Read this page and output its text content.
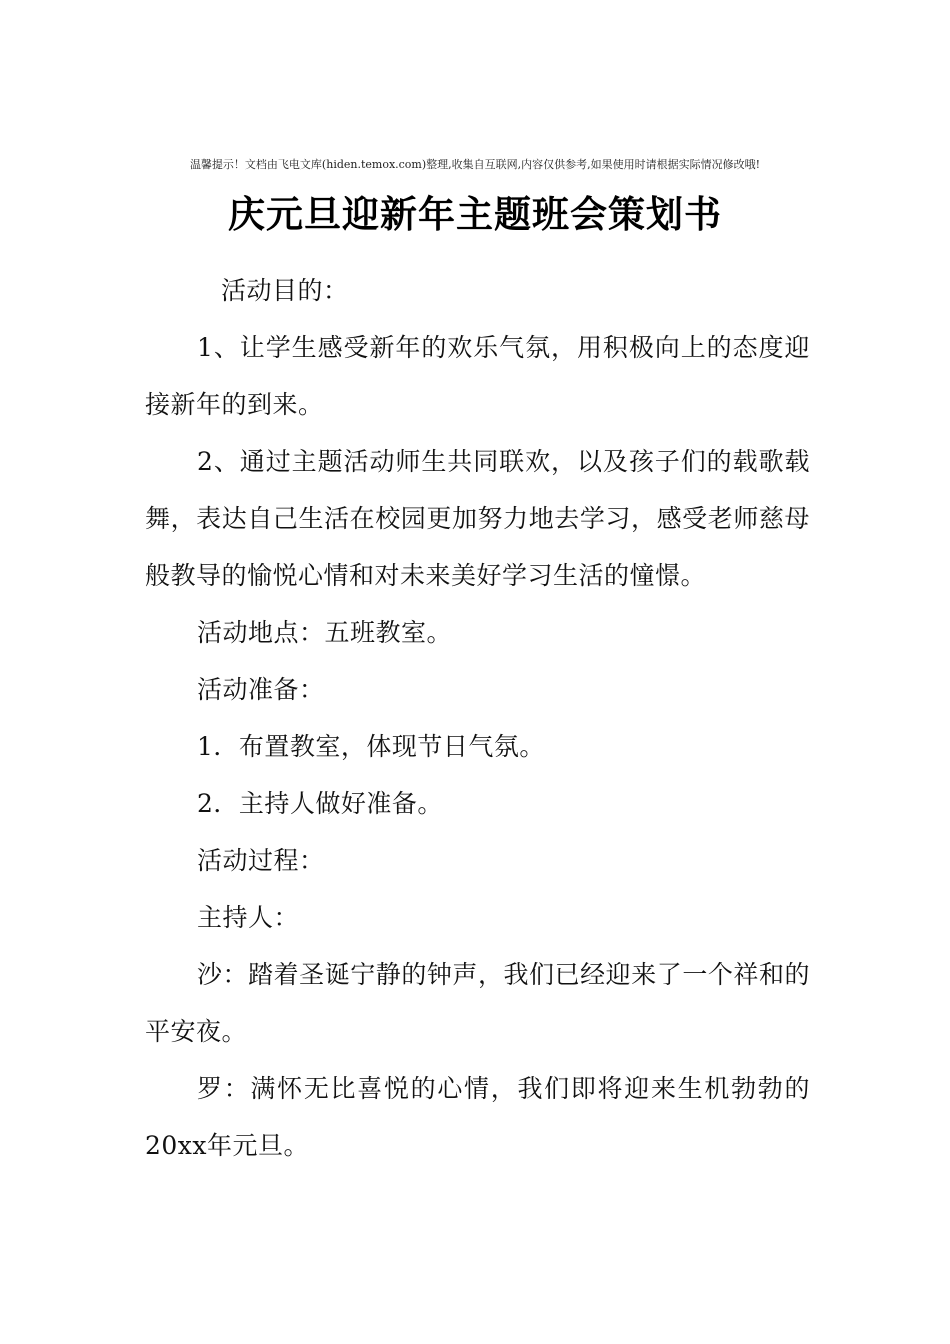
温馨提示！文档由飞电文库(hiden.temox.com)整理,收集自互联网,内容仅供参考,如果使用时请根据实际情况修改哦!
庆元旦迎新年主题班会策划书

活动目的：

1、让学生感受新年的欢乐气氛，用积极向上的态度迎接新年的到来。

2、通过主题活动师生共同联欢，以及孩子们的载歌载舞，表达自己生活在校园更加努力地去学习，感受老师慈母般教导的愉悦心情和对未来美好学习生活的憧憬。

活动地点：五班教室。

活动准备：

1．布置教室，体现节日气氛。

2．主持人做好准备。

活动过程：

主持人：

沙：踏着圣诞宁静的钟声，我们已经迎来了一个祥和的平安夜。

罗：满怀无比喜悦的心情，我们即将迎来生机勃勃的20xx年元旦。
